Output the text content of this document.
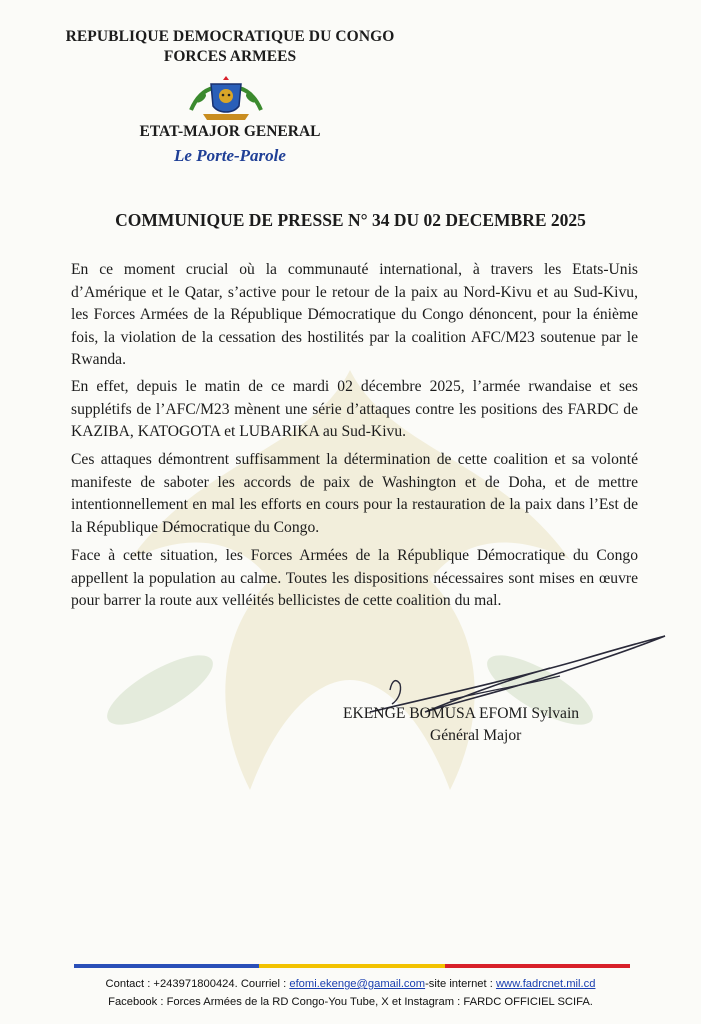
REPUBLIQUE DEMOCRATIQUE DU CONGO
FORCES ARMEES
ETAT-MAJOR GENERAL
Le Porte-Parole
COMMUNIQUE DE PRESSE N° 34 DU 02 DECEMBRE 2025

En ce moment crucial où la communauté international, à travers les Etats-Unis d’Amérique et le Qatar, s’active pour le retour de la paix au Nord-Kivu et au Sud-Kivu, les Forces Armées de la République Démocratique du Congo dénoncent, pour la énième fois, la violation de la cessation des hostilités par la coalition AFC/M23 soutenue par le Rwanda.

En effet, depuis le matin de ce mardi 02 décembre 2025, l’armée rwandaise et ses supplétifs de l’AFC/M23 mènent une série d’attaques contre les positions des FARDC de KAZIBA, KATOGOTA et LUBARIKA au Sud-Kivu.

Ces attaques démontrent suffisamment la détermination de cette coalition et sa volonté manifeste de saboter les accords de paix de Washington et de Doha, et de mettre intentionnellement en mal les efforts en cours pour la restauration de la paix dans l’Est de la République Démocratique du Congo.

Face à cette situation, les Forces Armées de la République Démocratique du Congo appellent la population au calme. Toutes les dispositions nécessaires sont mises en œuvre pour barrer la route aux velléités bellicistes de cette coalition du mal.

EKENGE BOMUSA EFOMI Sylvain
Général Major
Contact : +243971800424. Courriel : efomi.ekenge@gamail.com-site internet : www.fadrcnet.mil.cd
Facebook : Forces Armées de la RD Congo-You Tube, X et Instagram : FARDC OFFICIEL SCIFA.
